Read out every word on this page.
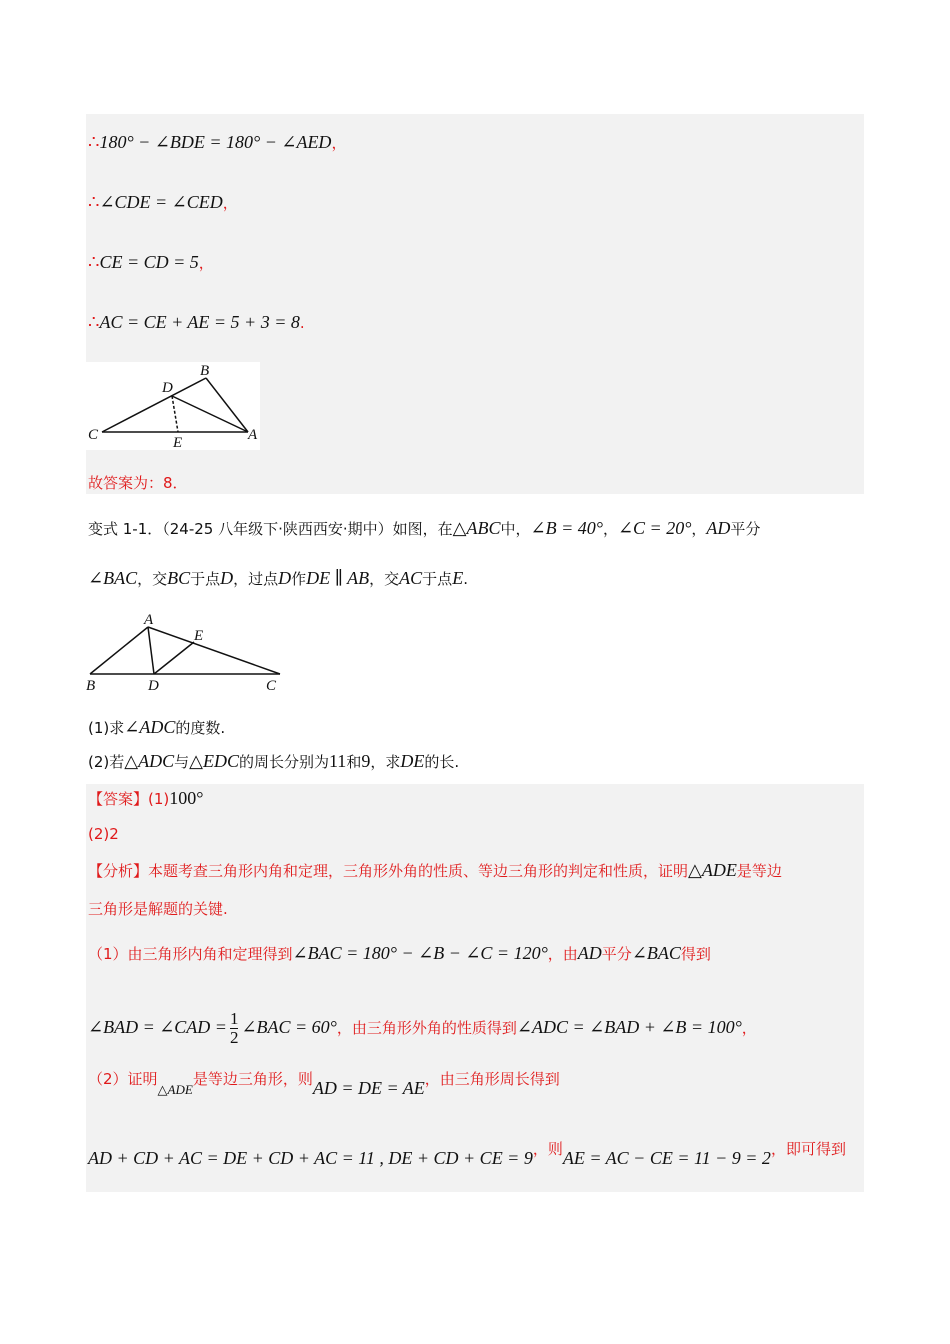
∴180° − ∠BDE = 180° − ∠AED，
∴∠CDE = ∠CED，
∴CE = CD = 5，
∴AC = CE + AE = 5 + 3 = 8.
B
D
C	E	A
故答案为：8．
变式 1-1．（24-25 八年级下·陕西西安·期中）如图，在△ABC中，∠B = 40°，∠C = 20°，AD平分
∠BAC，交BC于点D，过点D作DE ∥ AB，交AC于点E.
A
E
B	D	C
(1)求∠ADC的度数.
(2)若△ADC与△EDC的周长分别为11和9，求DE的长.
【答案】(1)100°
(2)2
【分析】本题考查三角形内角和定理，三角形外角的性质、等边三角形的判定和性质，证明△ADE是等边
三角形是解题的关键.
（1）由三角形内角和定理得到∠BAC = 180° − ∠B − ∠C = 120°，由AD平分∠BAC得到
∠BAD = ∠CAD = $\frac{1}{2}$ ∠BAC = 60°，由三角形外角的性质得到∠ADC = ∠BAD + ∠B = 100°，
（2）证明$_{\triangle ADE}$是等边三角形，则AD = DE = AE，由三角形周长得到
AD + CD + AC = DE + CD + AC = 11 , DE + CD + CE = 9，则AE = AC − CE = 11 − 9 = 2，即可得到
